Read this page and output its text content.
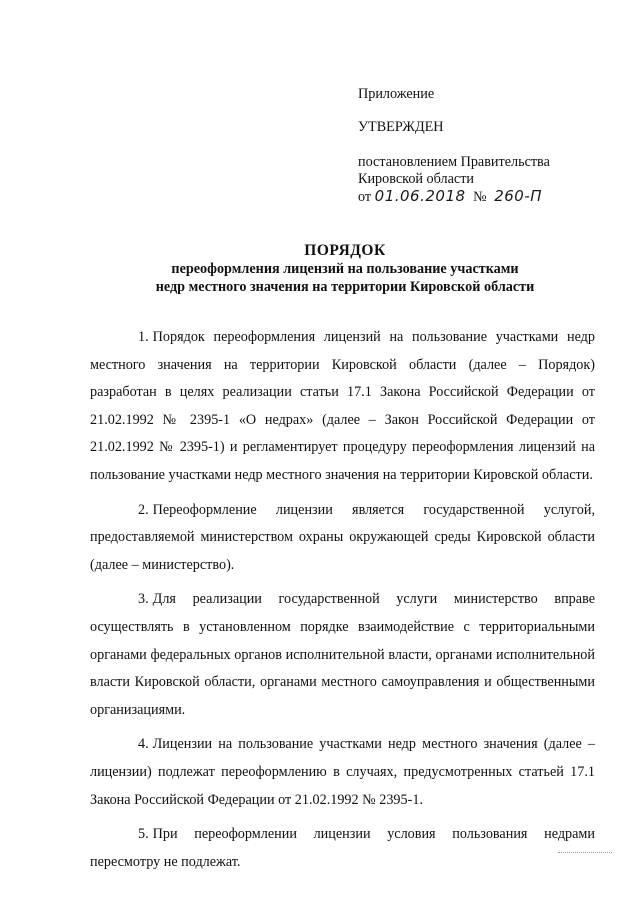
Приложение
УТВЕРЖДЕН
постановлением Правительства
Кировской области
от 01.06.2018 № 260-П
ПОРЯДОК
переоформления лицензий на пользование участками
недр местного значения на территории Кировской области

1. Порядок переоформления лицензий на пользование участками недр местного значения на территории Кировской области (далее – Порядок) разработан в целях реализации статьи 17.1 Закона Российской Федерации от 21.02.1992 № 2395-1 «О недрах» (далее – Закон Российской Федерации от 21.02.1992 № 2395-1) и регламентирует процедуру переоформления лицензий на пользование участками недр местного значения на территории Кировской области.

2. Переоформление лицензии является государственной услугой, предоставляемой министерством охраны окружающей среды Кировской области (далее – министерство).

3. Для реализации государственной услуги министерство вправе осуществлять в установленном порядке взаимодействие с территориальными органами федеральных органов исполнительной власти, органами исполнительной власти Кировской области, органами местного самоуправления и общественными организациями.

4. Лицензии на пользование участками недр местного значения (далее – лицензии) подлежат переоформлению в случаях, предусмотренных статьей 17.1 Закона Российской Федерации от 21.02.1992 № 2395-1.

5. При переоформлении лицензии условия пользования недрами пересмотру не подлежат.
